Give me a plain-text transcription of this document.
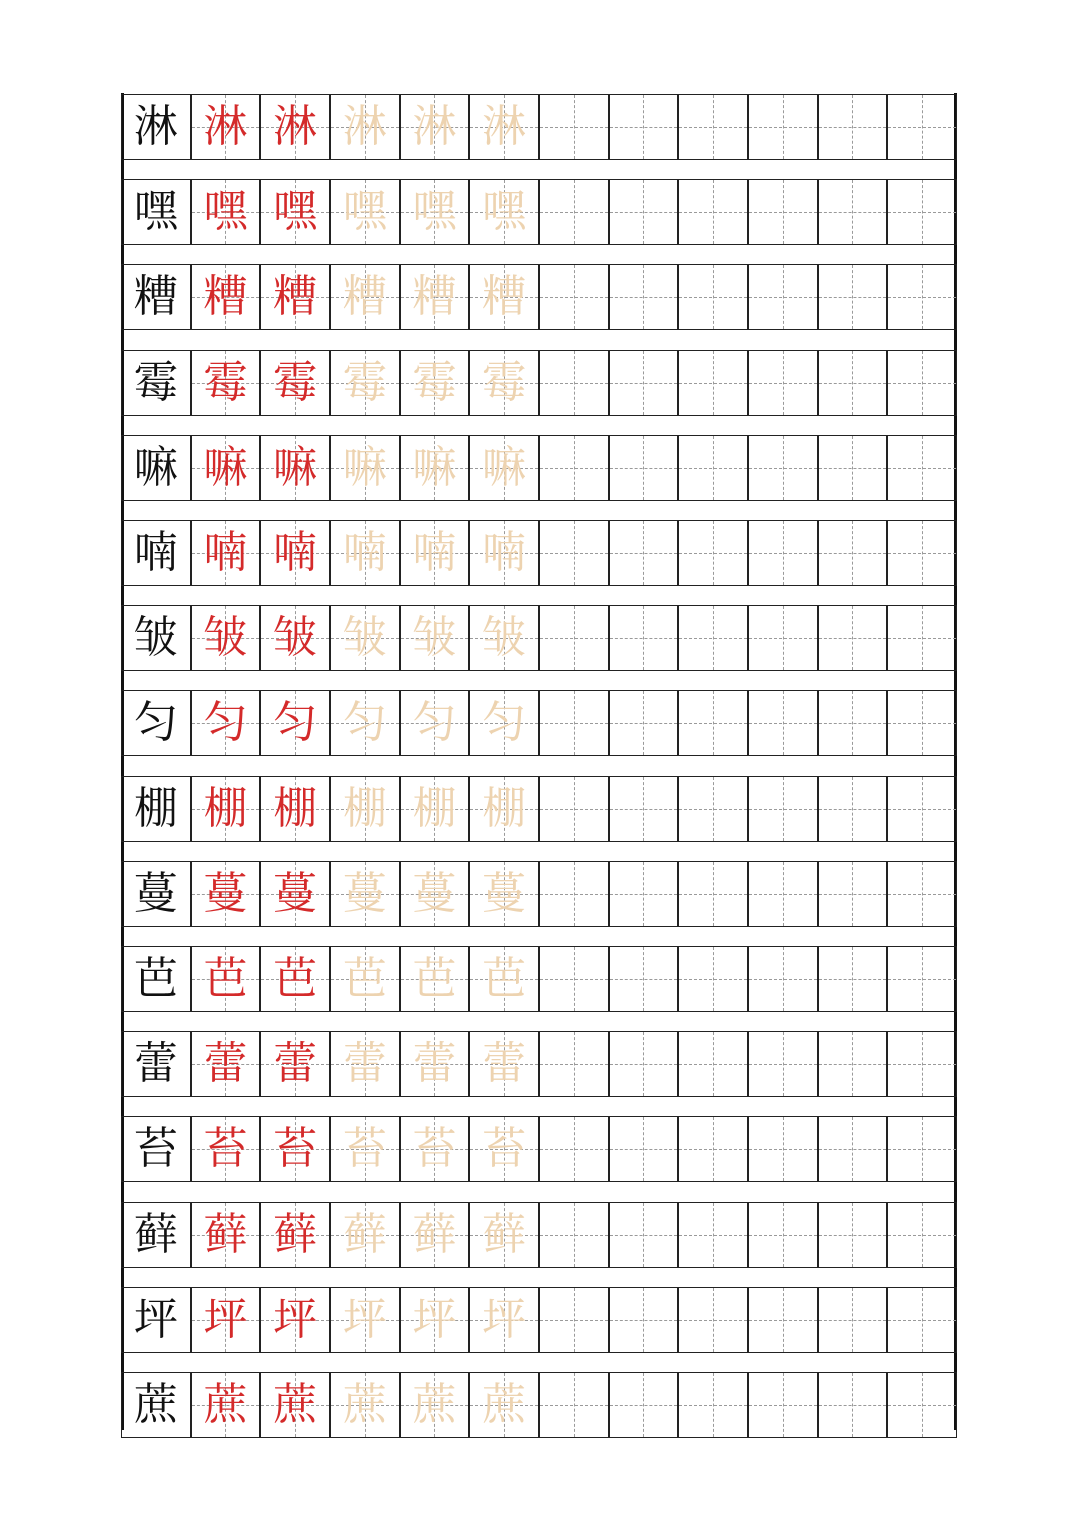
淋 淋 淋 淋 淋 淋
嘿 嘿 嘿 嘿 嘿 嘿
糟 糟 糟 糟 糟 糟
霉 霉 霉 霉 霉 霉
嘛 嘛 嘛 嘛 嘛 嘛
喃 喃 喃 喃 喃 喃
皱 皱 皱 皱 皱 皱
匀 匀 匀 匀 匀 匀
棚 棚 棚 棚 棚 棚
蔓 蔓 蔓 蔓 蔓 蔓
芭 芭 芭 芭 芭 芭
蕾 蕾 蕾 蕾 蕾 蕾
苔 苔 苔 苔 苔 苔
藓 藓 藓 藓 藓 藓
坪 坪 坪 坪 坪 坪
蔗 蔗 蔗 蔗 蔗 蔗
